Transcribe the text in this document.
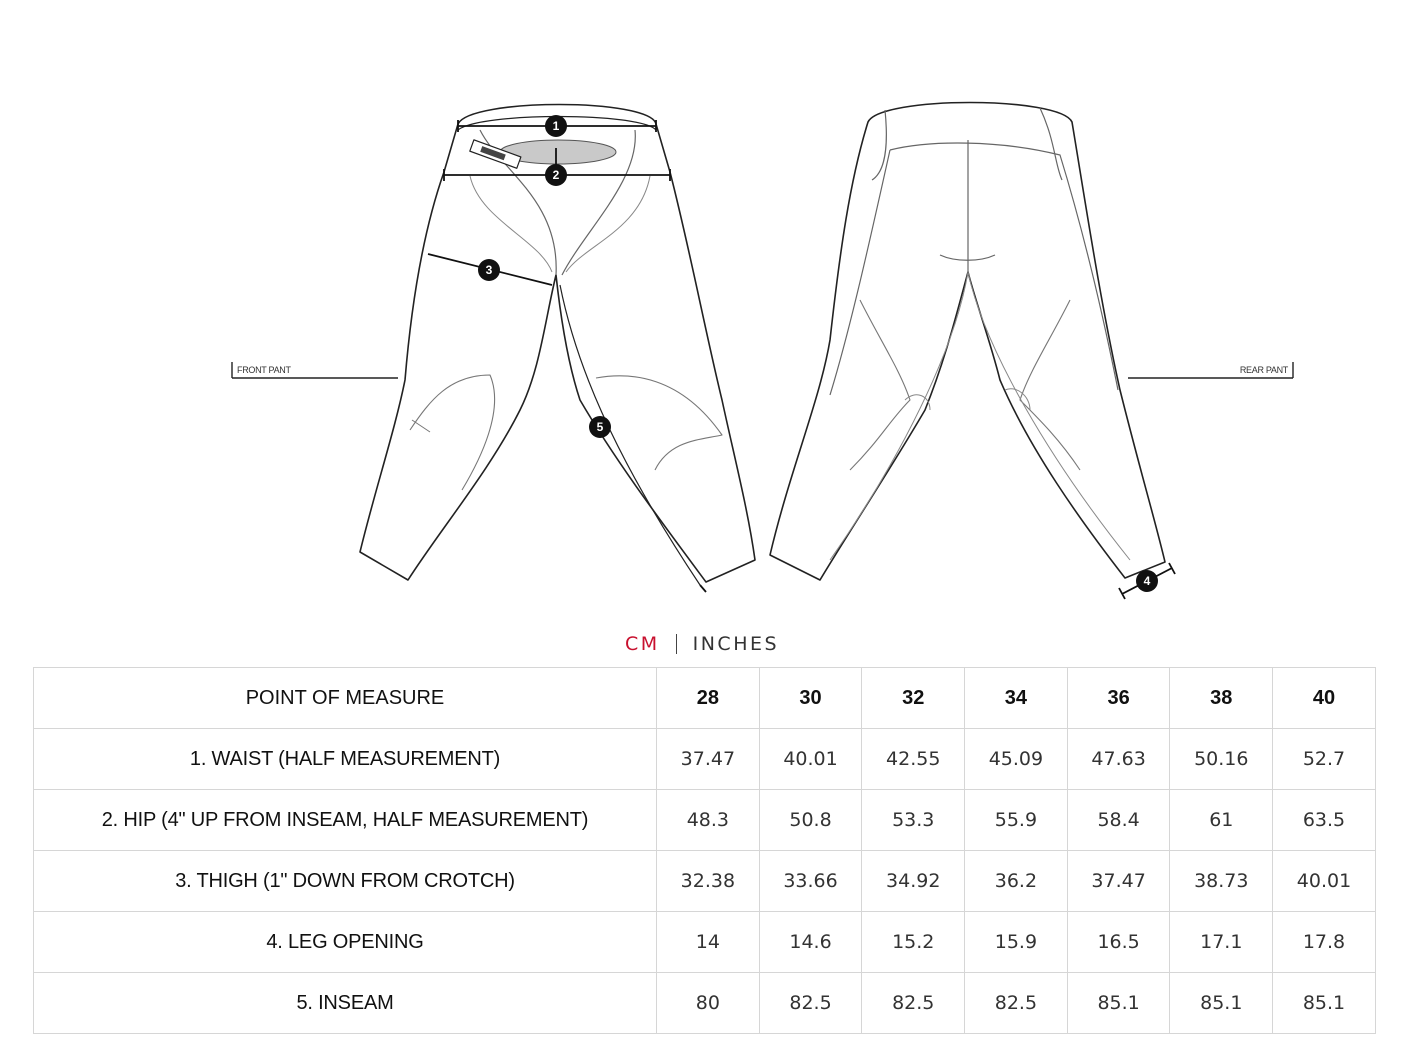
FRONT PANT	REAR PANT
1
2
3
4
5
CM INCHES
POINT OF MEASURE	28	30	32	34	36	38	40
1. WAIST (HALF MEASUREMENT)	37.47	40.01	42.55	45.09	47.63	50.16	52.7
2. HIP (4" UP FROM INSEAM, HALF MEASUREMENT)	48.3	50.8	53.3	55.9	58.4	61	63.5
3. THIGH (1" DOWN FROM CROTCH)	32.38	33.66	34.92	36.2	37.47	38.73	40.01
4. LEG OPENING	14	14.6	15.2	15.9	16.5	17.1	17.8
5. INSEAM	80	82.5	82.5	82.5	85.1	85.1	85.1
